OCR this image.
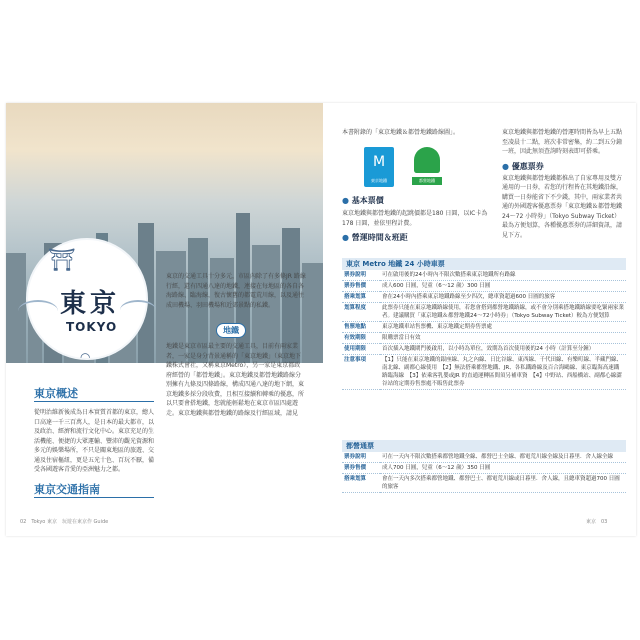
⛩
東京
TOKYO
◠
東京概述
從明治維新後成為日本實質首都的東京，總人口高達一千三百萬人，是日本的最大都市，以及政治、經濟和流行文化中心。東京充足的生活機能、便捷的大眾運輸、豐沛的觀光資源和多元的娛樂場所，不只是關東地區的旅遊、交通及住宿樞紐，更是五光十色、百玩不厭，備受各國遊客青愛的亞洲魅力之都。
東京交通指南
東京的交通工具十分多元，市區內除了有多條JR 路線行經，還有四通八達的地鐵，連接在每地區的各自各海路線、臨海線，復古懷舊的都電荒川線，以及通往成田機場、羽田機場和近郊景點的私鐵。
地鐵
地鐵是東京市區最主要的交通工具，目前有兩家業者，一家是身分背景通稱的「東京地鐵」（東京地下鐵株式會社，又稱東京Metro），另一家是東京都政府經營的「都營地鐵」。東京地鐵及都營地鐵路線分別擁有九條及四條路線，構成四通八達的地下網，東京地鐵多採分段收費，且相互接續和轉乘的優惠，所以只要會搭地鐵，您就能輕鬆地在東京市區四處遊走。東京地鐵與都營地鐵的路線及行經區域，請見
02　Tokyo 東京　玩遊在東京作 Guide
本書附錄的「東京地鐵＆都營地鐵路線圖」。
M
東京地鐵	都營地鐵
● 基本票價
東京地鐵與都營地鐵的起跳價都是180 日圓，以IC卡為178 日圓，並依里程計費。
● 營運時間＆班距
東京地鐵與都營地鐵的營運時間皆為早上五點至凌晨十二點，班次非常密集，約二到五分鐘一班，因此無須查詢時刻表即可搭乘。
● 優惠票券
東京地鐵與都營地鐵都推出了自家專用及雙方通用的一日券，若您的行程皆在其地鐵沿線，購買一日券能省下不少錢，其中，兩家業者共通的外國遊客優惠票券「東京地鐵＆都營地鐵24～72 小時券」（Tokyo Subway Ticket）最為方便划算，各種優惠票券的詳細資訊，請見下方。
東京 Metro 地鐵 24 小時車票
票券說明	可在啟用後的24小時內不限次數搭乘東京地鐵所有路線
票券售價	成人600 日圓，兒童（6～12 歲）300 日圓
搭乘划算	會在24小時內搭乘東京地鐵路線至少四次，總車資超過600 日圓的旅客
划算程度	此票券只能在東京地鐵路線使用，若您會搭到都營地鐵路線，或不會分別乘搭地鐵路線要吃緊兩家業者。建議購買「東京地鐵＆都營地鐵24～72小時券」（Tokyo Subway Ticket）較為方便划算
售票地點	東京地鐵車站售票機、東京地鐵定期券售票處
有效期限	限購票當日有效
使用期限	首次插入地鐵閘門後啟用，以小時為單位，效期為首次使用後的24 小時（計算至分鐘）
注意事項	【1】只能在東京地鐵的銀座線、丸之內線、日比谷線、東西線、千代田線、有樂町線、半藏門線、南北線、副都心線使用　【2】無法搭乘都營地鐵、JR、各私鐵路線及百合海鷗線、東京臨海高速鐵路臨海線　【3】依乘客乳嬰或JR 的直通運轉區間須另補車資　【4】中野站、西船橋站、副都心線澀谷站的定期券售票處不販售此票券
都營通票
票券說明	可在一天內不限次數搭乘都營地鐵全線、都營巴士全線、都電荒川線全線及日暮里．舍人線全線
票券售價	成人700 日圓，兒童（6～12 歲）350 日圓
搭乘划算	會在一天內多次搭乘都營地鐵、都營巴士、都電荒川線或日暮里．舍人線，且總車資超過700 日圓的旅客
東京　03
